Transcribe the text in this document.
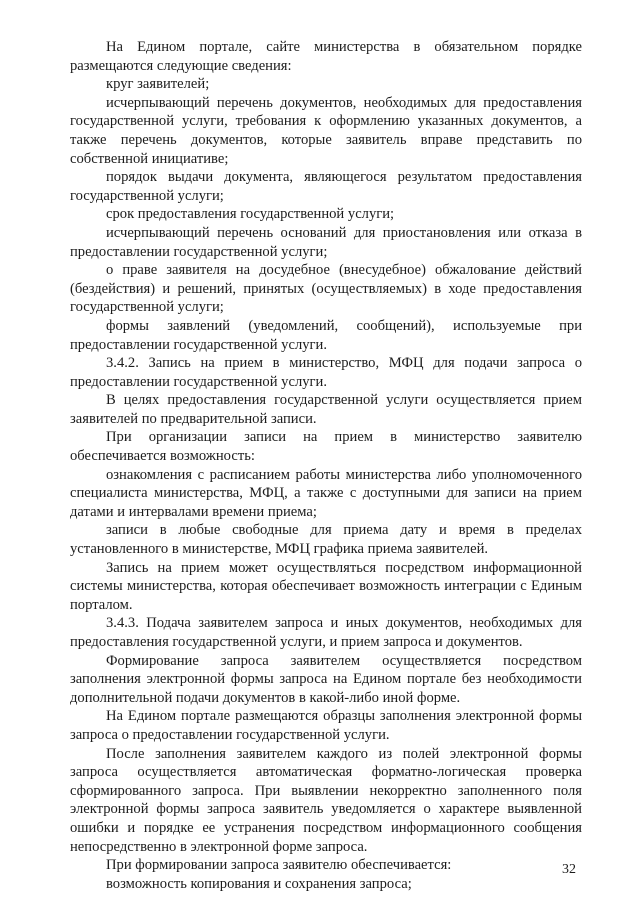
На Едином портале, сайте министерства в обязательном порядке размещаются следующие сведения:

круг заявителей;

исчерпывающий перечень документов, необходимых для предоставления государственной услуги, требования к оформлению указанных документов, а также перечень документов, которые заявитель вправе представить по собственной инициативе;

порядок выдачи документа, являющегося результатом предоставления государственной услуги;

срок предоставления государственной услуги;

исчерпывающий перечень оснований для приостановления или отказа в предоставлении государственной услуги;

о праве заявителя на досудебное (внесудебное) обжалование действий (бездействия) и решений, принятых (осуществляемых) в ходе предоставления государственной услуги;

формы заявлений (уведомлений, сообщений), используемые при предоставлении государственной услуги.

3.4.2. Запись на прием в министерство, МФЦ для подачи запроса о предоставлении государственной услуги.

В целях предоставления государственной услуги осуществляется прием заявителей по предварительной записи.

При организации записи на прием в министерство заявителю обеспечивается возможность:

ознакомления с расписанием работы министерства либо уполномоченного специалиста министерства, МФЦ, а также с доступными для записи на прием датами и интервалами времени приема;

записи в любые свободные для приема дату и время в пределах установленного в министерстве, МФЦ графика приема заявителей.

Запись на прием может осуществляться посредством информационной системы министерства, которая обеспечивает возможность интеграции с Единым порталом.

3.4.3. Подача заявителем запроса и иных документов, необходимых для предоставления государственной услуги, и прием запроса и документов.

Формирование запроса заявителем осуществляется посредством заполнения электронной формы запроса на Едином портале без необходимости дополнительной подачи документов в какой-либо иной форме.

На Едином портале размещаются образцы заполнения электронной формы запроса о предоставлении государственной услуги.

После заполнения заявителем каждого из полей электронной формы запроса осуществляется автоматическая форматно-логическая проверка сформированного запроса. При выявлении некорректно заполненного поля электронной формы запроса заявитель уведомляется о характере выявленной ошибки и порядке ее устранения посредством информационного сообщения непосредственно в электронной форме запроса.

При формировании запроса заявителю обеспечивается:

возможность копирования и сохранения запроса;

32
